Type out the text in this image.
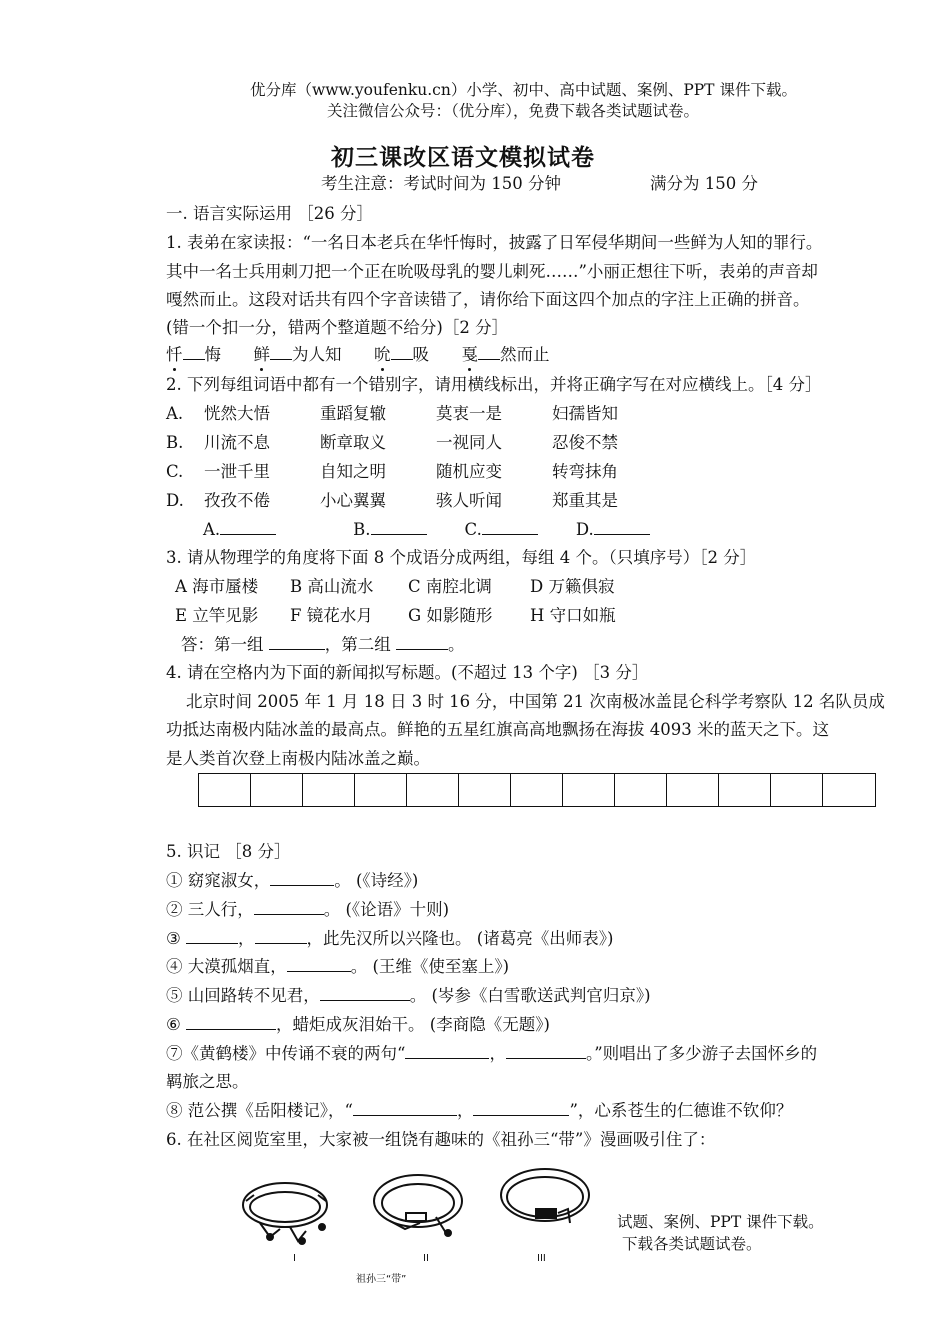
优分库（www.youfenku.cn）小学、初中、高中试题、案例、PPT 课件下载。
关注微信公众号：（优分库），免费下载各类试题试卷。
初三课改区语文模拟试卷
考生注意：考试时间为 150 分钟	满分为 150 分
一. 语言实际运用 ［26 分］
1. 表弟在家读报：“一名日本老兵在华忏悔时，披露了日军侵华期间一些鲜为人知的罪行。
其中一名士兵用刺刀把一个正在吮吸母乳的婴儿刺死……”小丽正想往下听，表弟的声音却
嘎然而止。这段对话共有四个字音读错了，请你给下面这四个加点的字注上正确的拼音。
(错一个扣一分，错两个整道题不给分)［2 分］
忏 悔 鲜 为人知 吮 吸 戛 然而止
2. 下列每组词语中都有一个错别字，请用横线标出，并将正确字写在对应横线上。［4 分］
A. 恍然大悟	重蹈复辙	莫衷一是	妇孺皆知
B. 川流不息	断章取义	一视同人	忍俊不禁
C. 一泄千里	自知之明	随机应变	转弯抹角
D. 孜孜不倦	小心翼翼	骇人听闻	郑重其是
A.	B.	C.	D.
3. 请从物理学的角度将下面 8 个成语分成两组，每组 4 个。（只填序号）［2 分］
A 海市蜃楼 B 高山流水 C 南腔北调 D 万籁俱寂
E 立竿见影 F 镜花水月 G 如影随形 H 守口如瓶
答：第一组	，第二组	。
4. 请在空格内为下面的新闻拟写标题。(不超过 13 个字) ［3 分］
北京时间 2005 年 1 月 18 日 3 时 16 分，中国第 21 次南极冰盖昆仑科学考察队 12 名队员成
功抵达南极内陆冰盖的最高点。鲜艳的五星红旗高高地飘扬在海拔 4093 米的蓝天之下。这
是人类首次登上南极内陆冰盖之巅。
5. 识记 ［8 分］
① 窈窕淑女，	。 (《诗经》)
② 三人行，	。 (《论语》十则)
③	，	，此先汉所以兴隆也。 (诸葛亮《出师表》)
④ 大漠孤烟直，	。 (王维《使至塞上》)
⑤ 山回路转不见君，	。 (岑参《白雪歌送武判官归京》)
⑥	，蜡炬成灰泪始干。 (李商隐《无题》)
⑦《黄鹤楼》中传诵不衰的两句“	，	。”则唱出了多少游子去国怀乡的
羁旅之思。
⑧ 范公撰《岳阳楼记》，“	，	”，心系苍生的仁德谁不钦仰？
6. 在社区阅览室里，大家被一组饶有趣味的《祖孙三“带”》漫画吸引住了：
I	II	III
祖孙三“带”
试题、案例、PPT 课件下载。
下载各类试题试卷。
